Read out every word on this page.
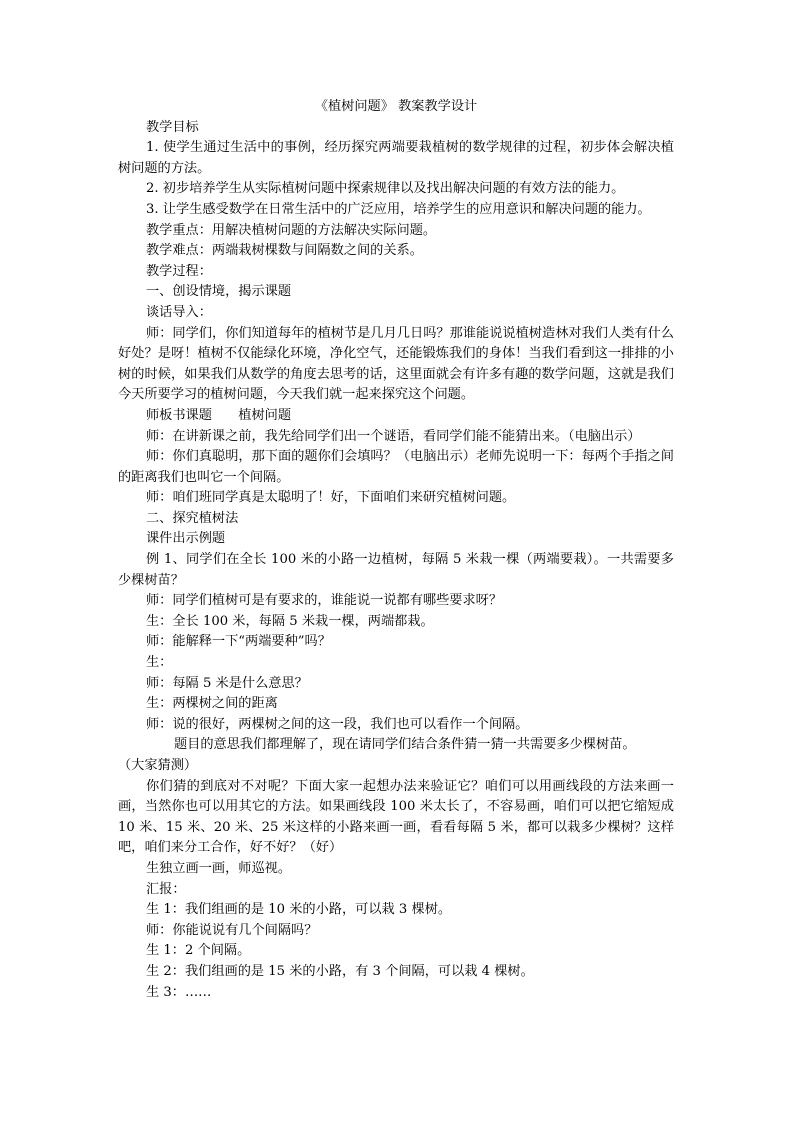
《植树问题》 教案教学设计

教学目标

1. 使学生通过生活中的事例，经历探究两端要栽植树的数学规律的过程，初步体会解决植树问题的方法。

2. 初步培养学生从实际植树问题中探索规律以及找出解决问题的有效方法的能力。

3. 让学生感受数学在日常生活中的广泛应用，培养学生的应用意识和解决问题的能力。

教学重点：用解决植树问题的方法解决实际问题。

教学难点：两端栽树棵数与间隔数之间的关系。

教学过程：

一、创设情境，揭示课题

谈话导入：

师：同学们，你们知道每年的植树节是几月几日吗？那谁能说说植树造林对我们人类有什么好处？是呀！植树不仅能绿化环境，净化空气，还能锻炼我们的身体！当我们看到这一排排的小树的时候，如果我们从数学的角度去思考的话，这里面就会有许多有趣的数学问题，这就是我们今天所要学习的植树问题，今天我们就一起来探究这个问题。

师板书课题　　植树问题

师：在讲新课之前，我先给同学们出一个谜语，看同学们能不能猜出来。（电脑出示）

师：你们真聪明，那下面的题你们会填吗？（电脑出示）老师先说明一下：每两个手指之间的距离我们也叫它一个间隔。

师：咱们班同学真是太聪明了！好，下面咱们来研究植树问题。

二、探究植树法

课件出示例题

例 1、同学们在全长 100 米的小路一边植树，每隔 5 米栽一棵（两端要栽）。一共需要多少棵树苗？

师：同学们植树可是有要求的，谁能说一说都有哪些要求呀？

生：全长 100 米，每隔 5 米栽一棵，两端都栽。

师：能解释一下“两端要种”吗？

生：

师：每隔 5 米是什么意思？

生：两棵树之间的距离

师：说的很好，两棵树之间的这一段，我们也可以看作一个间隔。

题目的意思我们都理解了，现在请同学们结合条件猜一猜一共需要多少棵树苗。

（大家猜测）

你们猜的到底对不对呢？下面大家一起想办法来验证它？咱们可以用画线段的方法来画一画，当然你也可以用其它的方法。如果画线段 100 米太长了，不容易画，咱们可以把它缩短成 10 米、15 米、20 米、25 米这样的小路来画一画，看看每隔 5 米，都可以栽多少棵树？这样吧，咱们来分工合作，好不好？（好）

生独立画一画，师巡视。

汇报：

生 1：我们组画的是 10 米的小路，可以栽 3 棵树。

师：你能说说有几个间隔吗？

生 1：2 个间隔。

生 2：我们组画的是 15 米的小路，有 3 个间隔，可以栽 4 棵树。

生 3：……
